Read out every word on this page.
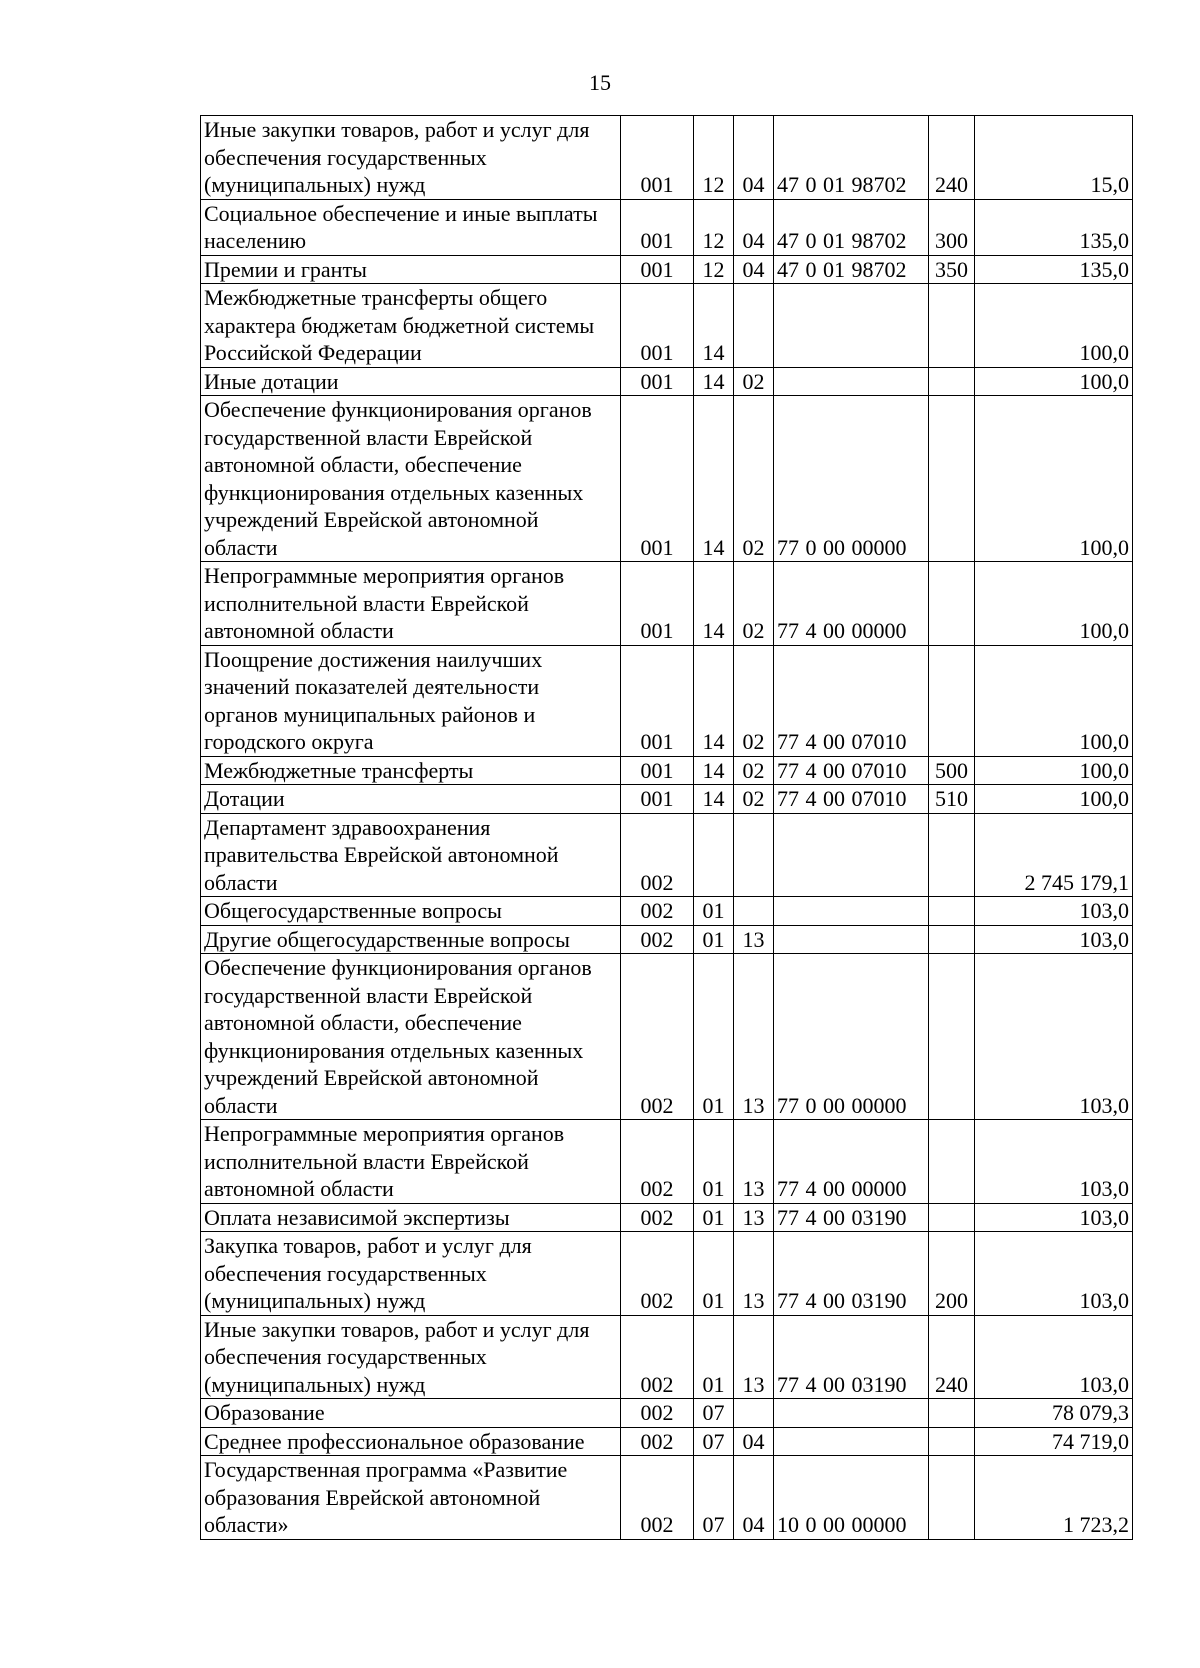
15
Иные закупки товаров, работ и услуг для обеспечения государственных (муниципальных) нужд	001	12	04	47 0 01 98702	240	15,0
Социальное обеспечение и иные выплаты населению	001	12	04	47 0 01 98702	300	135,0
Премии и гранты	001	12	04	47 0 01 98702	350	135,0
Межбюджетные трансферты общего характера бюджетам бюджетной системы Российской Федерации	001	14				100,0
Иные дотации	001	14	02			100,0
Обеспечение функционирования органов государственной власти Еврейской автономной области, обеспечение функционирования отдельных казенных учреждений Еврейской автономной области	001	14	02	77 0 00 00000		100,0
Непрограммные мероприятия органов исполнительной власти Еврейской автономной области	001	14	02	77 4 00 00000		100,0
Поощрение достижения наилучших значений показателей деятельности органов муниципальных районов и городского округа	001	14	02	77 4 00 07010		100,0
Межбюджетные трансферты	001	14	02	77 4 00 07010	500	100,0
Дотации	001	14	02	77 4 00 07010	510	100,0
Департамент здравоохранения правительства Еврейской автономной области	002					2 745 179,1
Общегосударственные вопросы	002	01				103,0
Другие общегосударственные вопросы	002	01	13			103,0
Обеспечение функционирования органов государственной власти Еврейской автономной области, обеспечение функционирования отдельных казенных учреждений Еврейской автономной области	002	01	13	77 0 00 00000		103,0
Непрограммные мероприятия органов исполнительной власти Еврейской автономной области	002	01	13	77 4 00 00000		103,0
Оплата независимой экспертизы	002	01	13	77 4 00 03190		103,0
Закупка товаров, работ и услуг для обеспечения государственных (муниципальных) нужд	002	01	13	77 4 00 03190	200	103,0
Иные закупки товаров, работ и услуг для обеспечения государственных (муниципальных) нужд	002	01	13	77 4 00 03190	240	103,0
Образование	002	07				78 079,3
Среднее профессиональное образование	002	07	04			74 719,0
Государственная программа «Развитие образования Еврейской автономной области»	002	07	04	10 0 00 00000		1 723,2
